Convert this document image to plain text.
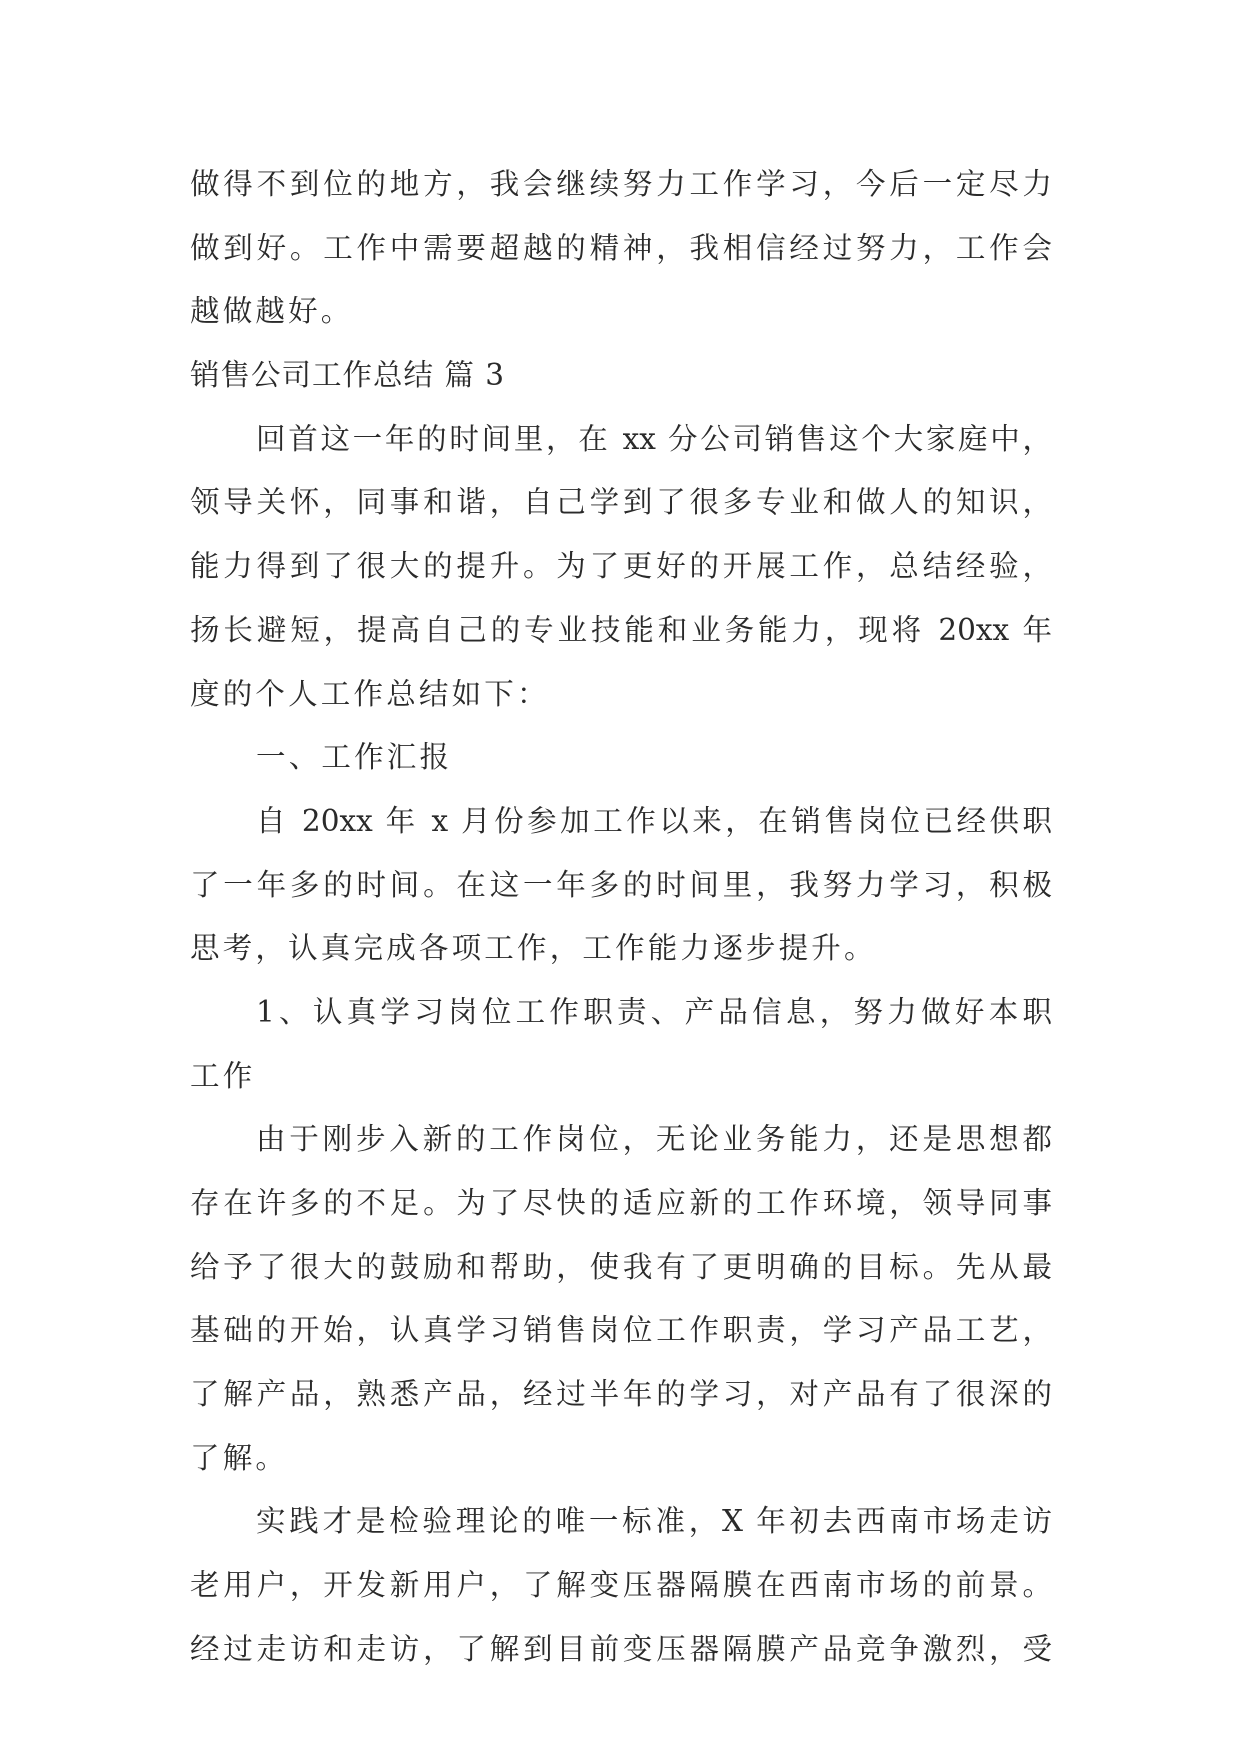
做得不到位的地方，我会继续努力工作学习，今后一定尽力
做到好。工作中需要超越的精神，我相信经过努力，工作会
越做越好。
销售公司工作总结 篇 3
回首这一年的时间里，在 xx 分公司销售这个大家庭中，
领导关怀，同事和谐，自己学到了很多专业和做人的知识，
能力得到了很大的提升。为了更好的开展工作，总结经验，
扬长避短，提高自己的专业技能和业务能力，现将 20xx 年
度的个人工作总结如下：
一、工作汇报
自 20xx 年 x 月份参加工作以来，在销售岗位已经供职
了一年多的时间。在这一年多的时间里，我努力学习，积极
思考，认真完成各项工作，工作能力逐步提升。
1、认真学习岗位工作职责、产品信息，努力做好本职
工作
由于刚步入新的工作岗位，无论业务能力，还是思想都
存在许多的不足。为了尽快的适应新的工作环境，领导同事
给予了很大的鼓励和帮助，使我有了更明确的目标。先从最
基础的开始，认真学习销售岗位工作职责，学习产品工艺，
了解产品，熟悉产品，经过半年的学习，对产品有了很深的
了解。
实践才是检验理论的唯一标准，X 年初去西南市场走访
老用户，开发新用户，了解变压器隔膜在西南市场的前景。
经过走访和走访，了解到目前变压器隔膜产品竞争激烈，受
